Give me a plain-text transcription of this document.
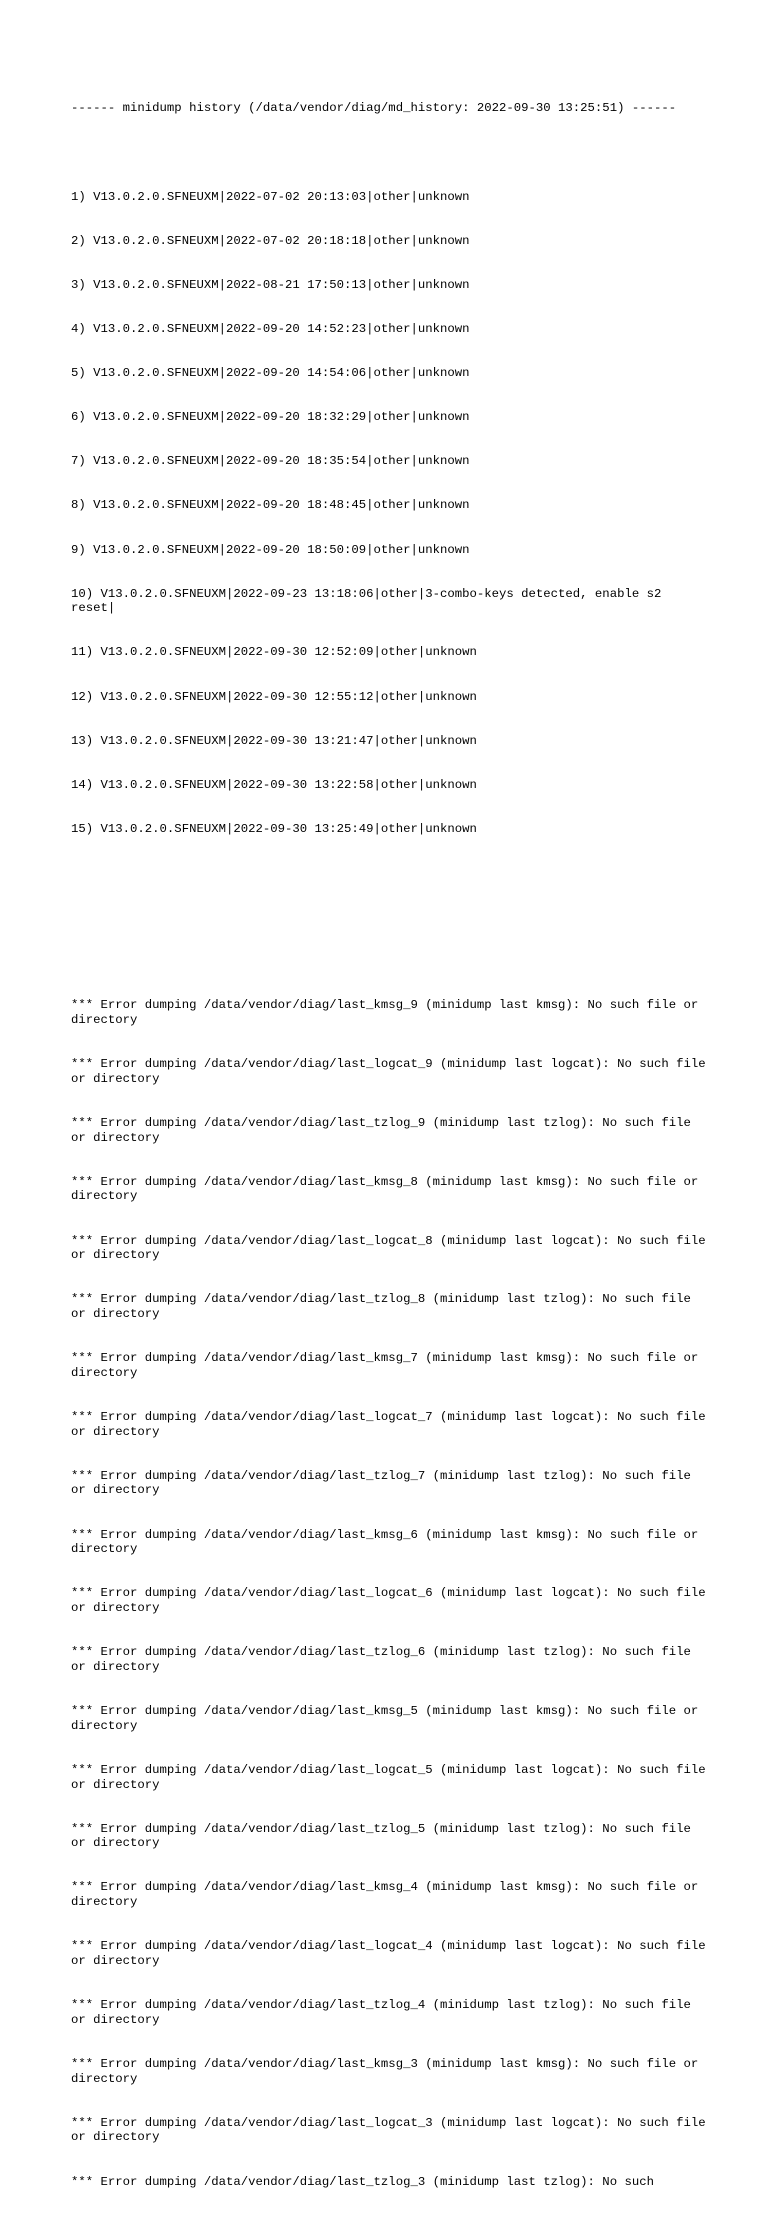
------ minidump history (/data/vendor/diag/md_history: 2022-09-30 13:25:51) ------

1) V13.0.2.0.SFNEUXM|2022-07-02 20:13:03|other|unknown

2) V13.0.2.0.SFNEUXM|2022-07-02 20:18:18|other|unknown

3) V13.0.2.0.SFNEUXM|2022-08-21 17:50:13|other|unknown

4) V13.0.2.0.SFNEUXM|2022-09-20 14:52:23|other|unknown

5) V13.0.2.0.SFNEUXM|2022-09-20 14:54:06|other|unknown

6) V13.0.2.0.SFNEUXM|2022-09-20 18:32:29|other|unknown

7) V13.0.2.0.SFNEUXM|2022-09-20 18:35:54|other|unknown

8) V13.0.2.0.SFNEUXM|2022-09-20 18:48:45|other|unknown

9) V13.0.2.0.SFNEUXM|2022-09-20 18:50:09|other|unknown

10) V13.0.2.0.SFNEUXM|2022-09-23 13:18:06|other|3-combo-keys detected, enable s2 reset|

11) V13.0.2.0.SFNEUXM|2022-09-30 12:52:09|other|unknown

12) V13.0.2.0.SFNEUXM|2022-09-30 12:55:12|other|unknown

13) V13.0.2.0.SFNEUXM|2022-09-30 13:21:47|other|unknown

14) V13.0.2.0.SFNEUXM|2022-09-30 13:22:58|other|unknown

15) V13.0.2.0.SFNEUXM|2022-09-30 13:25:49|other|unknown

*** Error dumping /data/vendor/diag/last_kmsg_9 (minidump last kmsg): No such file or directory

*** Error dumping /data/vendor/diag/last_logcat_9 (minidump last logcat): No such file or directory

*** Error dumping /data/vendor/diag/last_tzlog_9 (minidump last tzlog): No such file or directory

*** Error dumping /data/vendor/diag/last_kmsg_8 (minidump last kmsg): No such file or directory

*** Error dumping /data/vendor/diag/last_logcat_8 (minidump last logcat): No such file or directory

*** Error dumping /data/vendor/diag/last_tzlog_8 (minidump last tzlog): No such file or directory

*** Error dumping /data/vendor/diag/last_kmsg_7 (minidump last kmsg): No such file or directory

*** Error dumping /data/vendor/diag/last_logcat_7 (minidump last logcat): No such file or directory

*** Error dumping /data/vendor/diag/last_tzlog_7 (minidump last tzlog): No such file or directory

*** Error dumping /data/vendor/diag/last_kmsg_6 (minidump last kmsg): No such file or directory

*** Error dumping /data/vendor/diag/last_logcat_6 (minidump last logcat): No such file or directory

*** Error dumping /data/vendor/diag/last_tzlog_6 (minidump last tzlog): No such file or directory

*** Error dumping /data/vendor/diag/last_kmsg_5 (minidump last kmsg): No such file or directory

*** Error dumping /data/vendor/diag/last_logcat_5 (minidump last logcat): No such file or directory

*** Error dumping /data/vendor/diag/last_tzlog_5 (minidump last tzlog): No such file or directory

*** Error dumping /data/vendor/diag/last_kmsg_4 (minidump last kmsg): No such file or directory

*** Error dumping /data/vendor/diag/last_logcat_4 (minidump last logcat): No such file or directory

*** Error dumping /data/vendor/diag/last_tzlog_4 (minidump last tzlog): No such file or directory

*** Error dumping /data/vendor/diag/last_kmsg_3 (minidump last kmsg): No such file or directory

*** Error dumping /data/vendor/diag/last_logcat_3 (minidump last logcat): No such file or directory

*** Error dumping /data/vendor/diag/last_tzlog_3 (minidump last tzlog): No such
